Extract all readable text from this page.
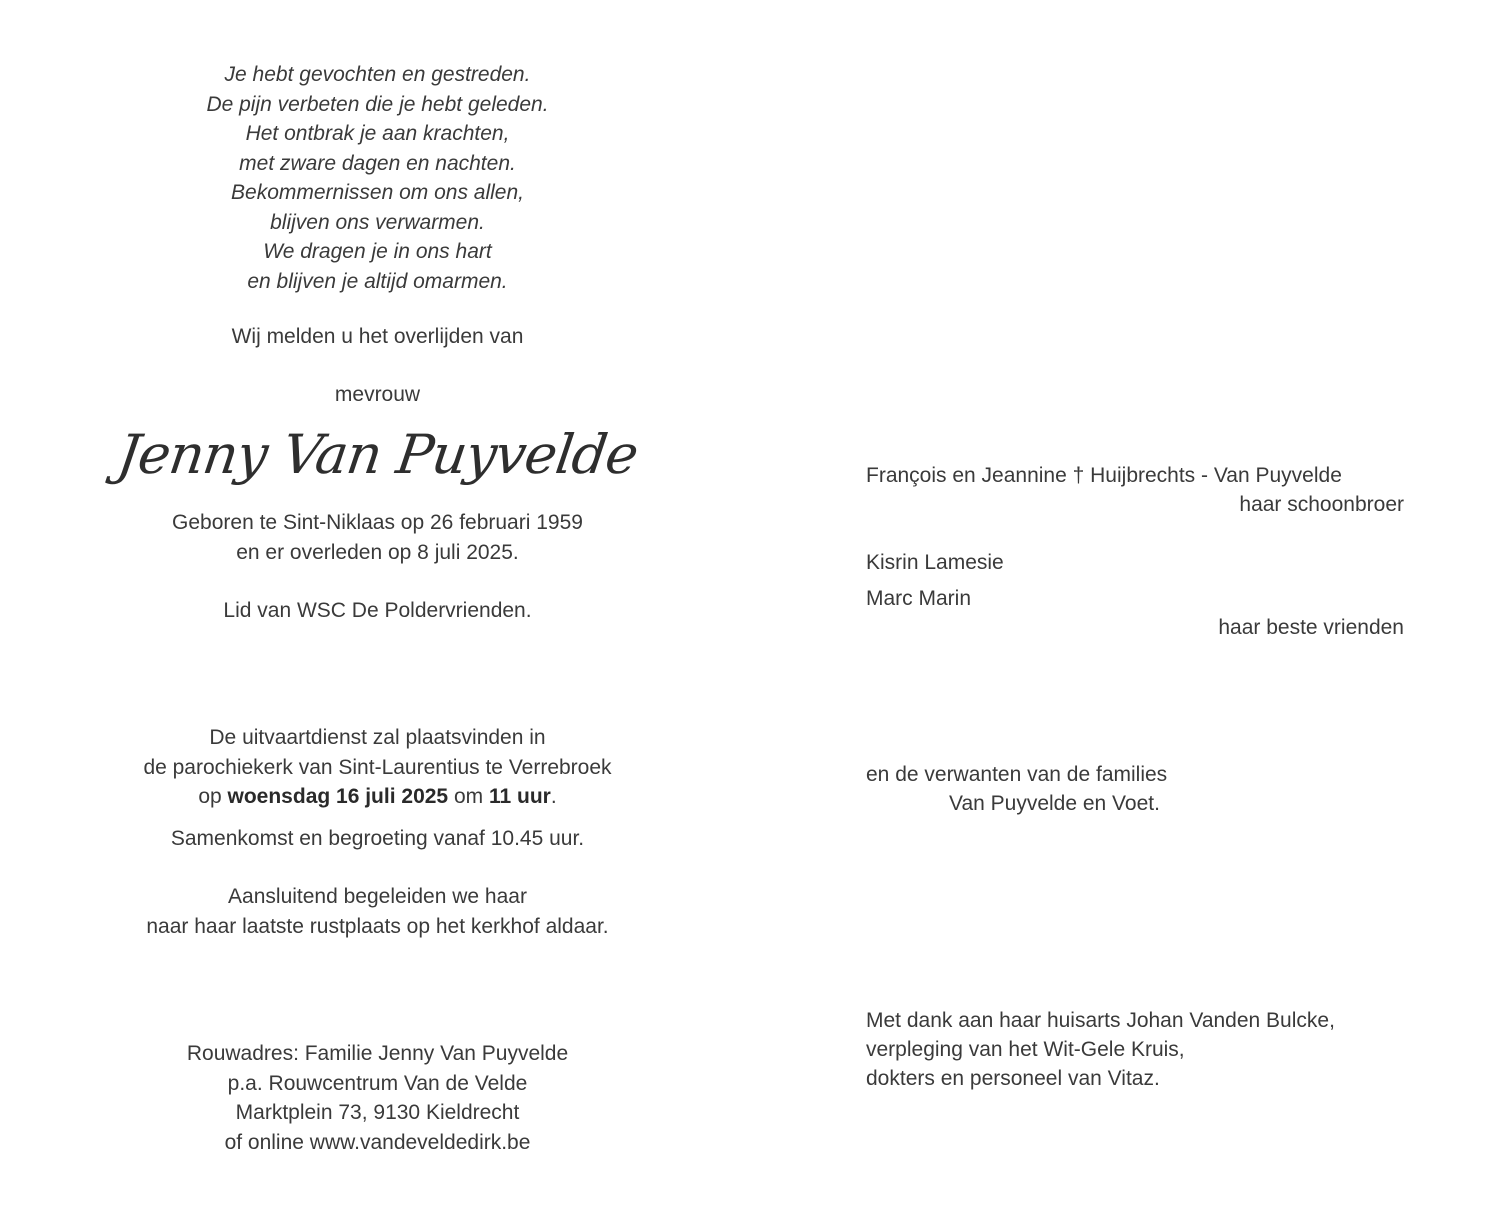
Je hebt gevochten en gestreden.
De pijn verbeten die je hebt geleden.
Het ontbrak je aan krachten,
met zware dagen en nachten.
Bekommernissen om ons allen,
blijven ons verwarmen.
We dragen je in ons hart
en blijven je altijd omarmen.
Wij melden u het overlijden van
mevrouw
Jenny Van Puyvelde
Geboren te Sint-Niklaas op 26 februari 1959
en er overleden op 8 juli 2025.
Lid van WSC De Poldervrienden.
De uitvaartdienst zal plaatsvinden in
de parochiekerk van Sint-Laurentius te Verrebroek
op woensdag 16 juli 2025 om 11 uur.
Samenkomst en begroeting vanaf 10.45 uur.
Aansluitend begeleiden we haar
naar haar laatste rustplaats op het kerkhof aldaar.
Rouwadres: Familie Jenny Van Puyvelde
p.a. Rouwcentrum Van de Velde
Marktplein 73, 9130 Kieldrecht
of online www.vandeveldedirk.be
François en Jeannine † Huijbrechts - Van Puyvelde
haar schoonbroer
Kisrin Lamesie
Marc Marin
haar beste vrienden
en de verwanten van de families
Van Puyvelde en Voet.
Met dank aan haar huisarts Johan Vanden Bulcke,
verpleging van het Wit-Gele Kruis,
dokters en personeel van Vitaz.
